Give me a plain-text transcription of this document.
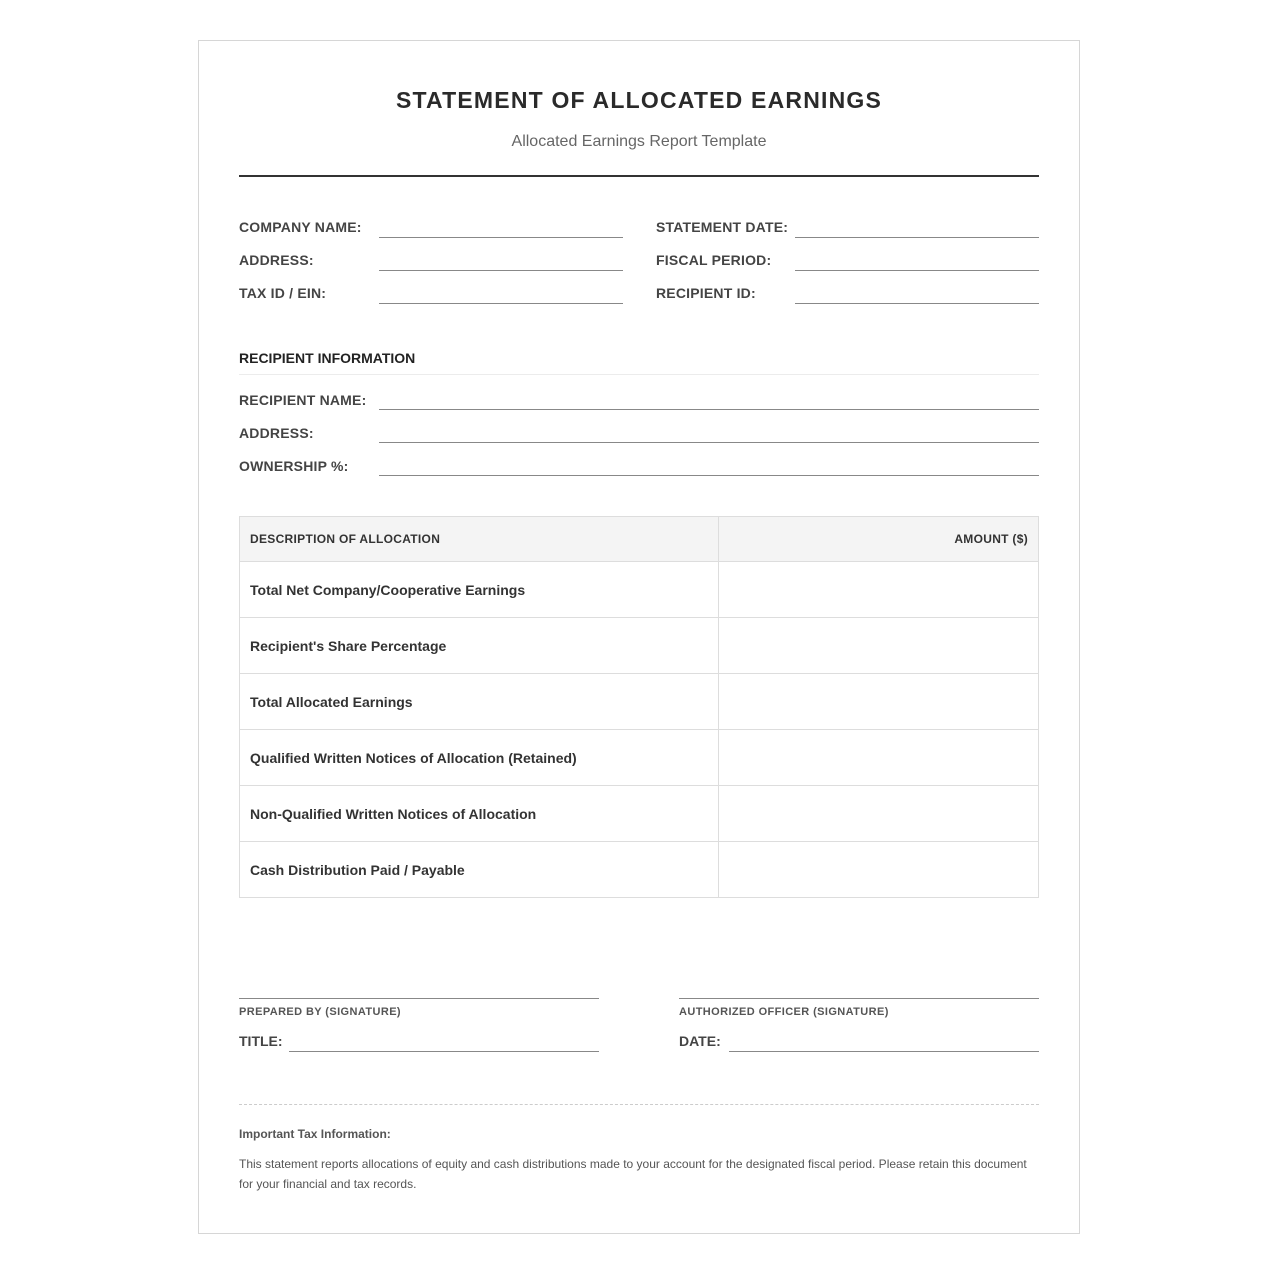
STATEMENT OF ALLOCATED EARNINGS
Allocated Earnings Report Template
COMPANY NAME:
ADDRESS:
TAX ID / EIN:
STATEMENT DATE:
FISCAL PERIOD:
RECIPIENT ID:
RECIPIENT INFORMATION
RECIPIENT NAME:
ADDRESS:
OWNERSHIP %:
DESCRIPTION OF ALLOCATION	AMOUNT ($)
Total Net Company/Cooperative Earnings	
Recipient's Share Percentage	
Total Allocated Earnings	
Qualified Written Notices of Allocation (Retained)	
Non-Qualified Written Notices of Allocation	
Cash Distribution Paid / Payable	
PREPARED BY (SIGNATURE)
TITLE:
AUTHORIZED OFFICER (SIGNATURE)
DATE:
Important Tax Information:
This statement reports allocations of equity and cash distributions made to your account for the designated fiscal period. Please retain this document for your financial and tax records.
